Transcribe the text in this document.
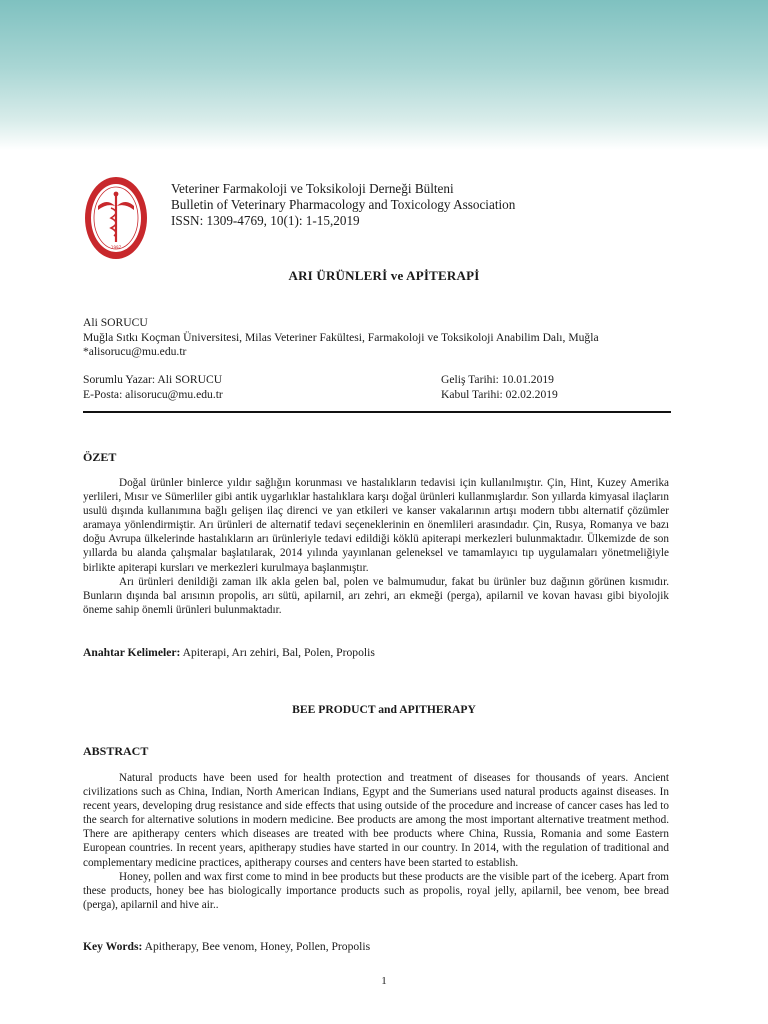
1997
Veteriner Farmakoloji ve Toksikoloji Derneği Bülteni
Bulletin of Veterinary Pharmacology and Toxicology Association
ISSN: 1309-4769, 10(1): 1-15,2019
ARI ÜRÜNLERİ ve APİTERAPİ
Ali SORUCU
Muğla Sıtkı Koçman Üniversitesi, Milas Veteriner Fakültesi, Farmakoloji ve Toksikoloji Anabilim Dalı, Muğla
*alisorucu@mu.edu.tr
Sorumlu Yazar: Ali SORUCU
E-Posta: alisorucu@mu.edu.tr
Geliş Tarihi: 10.01.2019
Kabul Tarihi: 02.02.2019
ÖZET

Doğal ürünler binlerce yıldır sağlığın korunması ve hastalıkların tedavisi için kullanılmıştır. Çin, Hint, Kuzey Amerika yerlileri, Mısır ve Sümerliler gibi antik uygarlıklar hastalıklara karşı doğal ürünleri kullanmışlardır. Son yıllarda kimyasal ilaçların usulü dışında kullanımına bağlı gelişen ilaç direnci ve yan etkileri ve kanser vakalarının artışı modern tıbbı alternatif çözümler aramaya yönlendirmiştir. Arı ürünleri de alternatif tedavi seçeneklerinin en önemlileri arasındadır. Çin, Rusya, Romanya ve bazı doğu Avrupa ülkelerinde hastalıkların arı ürünleriyle tedavi edildiği köklü apiterapi merkezleri bulunmaktadır. Ülkemizde de son yıllarda bu alanda çalışmalar başlatılarak, 2014 yılında yayınlanan geleneksel ve tamamlayıcı tıp uygulamaları yönetmeliğiyle birlikte apiterapi kursları ve merkezleri kurulmaya başlanmıştır.

Arı ürünleri denildiği zaman ilk akla gelen bal, polen ve balmumudur, fakat bu ürünler buz dağının görünen kısmıdır. Bunların dışında bal arısının propolis, arı sütü, apilarnil, arı zehri, arı ekmeği (perga), apilarnil ve kovan havası gibi biyolojik öneme sahip önemli ürünleri bulunmaktadır.

Anahtar Kelimeler: Apiterapi, Arı zehiri, Bal, Polen, Propolis
BEE PRODUCT and APITHERAPY
ABSTRACT

Natural products have been used for health protection and treatment of diseases for thousands of years. Ancient civilizations such as China, Indian, North American Indians, Egypt and the Sumerians used natural products against diseases. In recent years, developing drug resistance and side effects that using outside of the procedure and increase of cancer cases has led to the search for alternative solutions in modern medicine. Bee products are among the most important alternative treatment method. There are apitherapy centers which diseases are treated with bee products where China, Russia, Romania and some Eastern European countries. In recent years, apitherapy studies have started in our country. In 2014, with the regulation of traditional and complementary medicine practices, apitherapy courses and centers have been started to establish.

Honey, pollen and wax first come to mind in bee products but these products are the visible part of the iceberg. Apart from these products, honey bee has biologically importance products such as propolis, royal jelly, apilarnil, bee venom, bee bread (perga), apilarnil and hive air..

Key Words: Apitherapy, Bee venom, Honey, Pollen, Propolis
1
